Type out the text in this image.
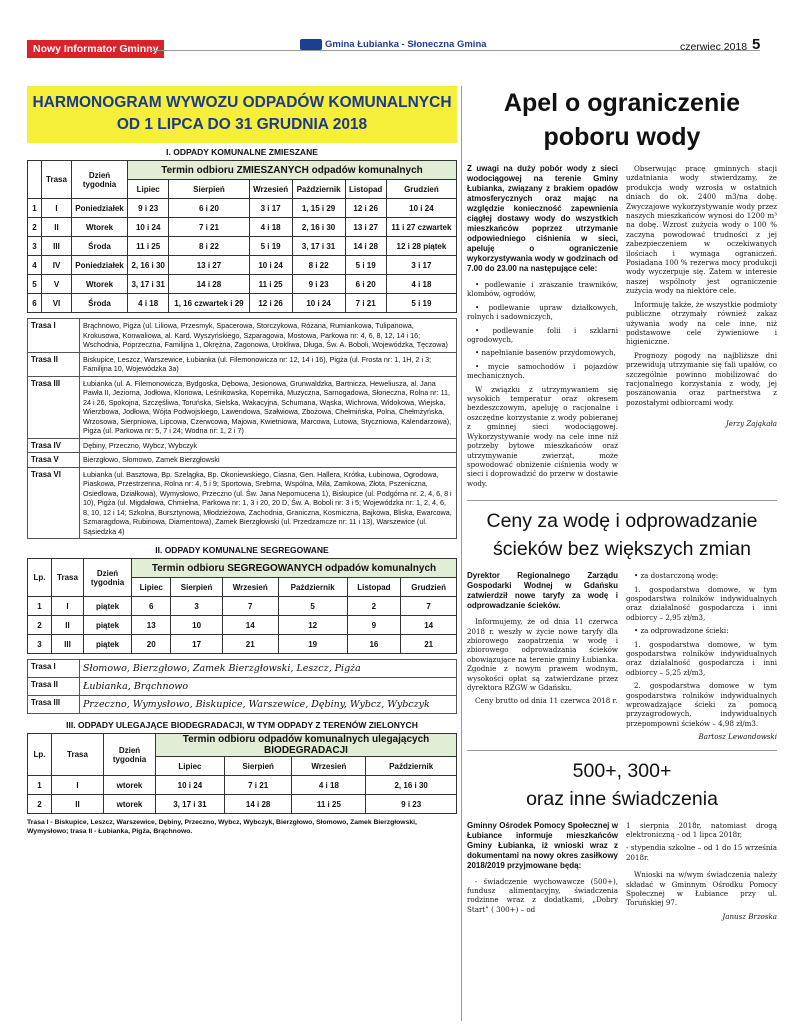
Nowy Informator Gminny	Gmina Łubianka - Słoneczna Gmina	czerwiec 2018 5
HARMONOGRAM WYWOZU ODPADÓW KOMUNALNYCH
OD 1 LIPCA DO 31 GRUDNIA 2018
I. ODPADY KOMUNALNE ZMIESZANE
	Trasa	Dzień tygodnia	Termin odbioru ZMIESZANYCH odpadów komunalnych					
			Lipiec	Sierpień	Wrzesień	Październik	Listopad	Grudzień
1	I	Poniedziałek	9 i 23	6 i 20	3 i 17	1, 15 i 29	12 i 26	10 i 24
2	II	Wtorek	10 i 24	7 i 21	4 i 18	2, 16 i 30	13 i 27	11 i 27 czwartek
3	III	Środa	11 i 25	8 i 22	5 i 19	3, 17 i 31	14 i 28	12 i 28 piątek
4	IV	Poniedziałek	2, 16 i 30	13 i 27	10 i 24	8 i 22	5 i 19	3 i 17
5	V	Wtorek	3, 17 i 31	14 i 28	11 i 25	9 i 23	6 i 20	4 i 18
6	VI	Środa	4 i 18	1, 16 czwartek i 29	12 i 26	10 i 24	7 i 21	5 i 19
Trasa I	Brąchnowo, Pigża (ul. Liliowa, Przesmyk, Spacerowa, Storczykowa, Różana, Rumiankowa, Tulipanowa, Krokusowa, Konwaliowa, al. Kard. Wyszyńskiego, Szparagowa, Mostowa, Parkowa nr: 4, 6, 8, 12, 14 i 16; Wschodnia, Poprzeczna, Familijna 1, Okrężna, Zagonowa, Urokliwa, Długa, Św. A. Boboli, Wojewódzka, Tęczowa)
Trasa II	Biskupice, Leszcz, Warszewice, Łubianka (ul. Filemonowicza nr: 12, 14 i 16), Pigża (ul. Frosta nr: 1, 1H, 2 i 3; Familijna 10, Wojewódzka 3a)
Trasa III	Łubianka (ul. A. Filemonowicza, Bydgoska, Dębowa, Jesionowa, Grunwaldzka, Bartnicza, Heweliusza, al. Jana Pawła II, Jeziorna, Jodłowa, Klonowa, Leśnikowska, Kopernika, Muzyczna, Sarnogadowa, Słoneczna, Rolna nr: 11, 24 i 26, Spokojna, Szczęśliwa, Toruńska, Sielska, Wakacyjna, Schumana, Wąska, Wichrowa, Widokowa, Wiejska, Wierzbowa, Jodłowa, Wójta Podwojskiego, Lawendowa, Szałwiowa, Zbożowa, Chełmińska, Polna, Chełmżyńska, Wrzosowa, Sierpniowa, Lipcowa, Czerwcowa, Majowa, Kwietniowa, Marcowa, Lutowa, Styczniowa, Kalendarzowa), Pigża (ul. Parkowa nr: 5, 7 i 24; Wodna nr: 1, 2 i 7)
Trasa IV	Dębiny, Przeczno, Wybcz, Wybczyk
Trasa V	Bierzgłowo, Słomowo, Zamek Bierzgłowski
Trasa VI	Łubianka (ul. Basztowa, Bp. Szelągka, Bp. Okoniewskiego, Ciasna, Gen. Hallera, Krótka, Łubinowa, Ogrodowa, Piaskowa, Przestrzenna, Rolna nr: 4, 5 i 9; Sportowa, Srebrna, Wspólna, Mila, Zamkowa, Złota, Pszeniczna, Osiedlowa, Działkowa), Wymysłowo, Przeczno (ul. Św. Jana Nepomucena 1), Biskupice (ul. Podgórna nr. 2, 4, 6, 8 i 10), Pigża (ul. Migdałowa, Chmielna, Parkowa nr: 1, 3 i 20, 20 D, Św. A. Boboli nr: 3 i 5; Wojewódzka nr: 1, 2, 4, 6, 8, 10, 12 i 14; Szkolna, Bursztynowa, Młodzieżowa, Zachodnia, Graniczna, Kosmiczna, Bajkowa, Bliska, Ewarcowa, Szmaragdowa, Rubinowa, Diamentowa), Zamek Bierzgłowski (ul. Przedzamcze nr: 11 i 13), Warszewice (ul. Sąsiedzka 4)
II. ODPADY KOMUNALNE SEGREGOWANE
Lp.	Trasa	Dzień tygodnia	Termin odbioru SEGREGOWANYCH odpadów komunalnych					
			Lipiec	Sierpień	Wrzesień	Październik	Listopad	Grudzień
1	I	piątek	6	3	7	5	2	7
2	II	piątek	13	10	14	12	9	14
3	III	piątek	20	17	21	19	16	21
Trasa I	Słomowo, Bierzgłowo, Zamek Bierzgłowski, Leszcz, Pigża
Trasa II	Łubianka, Brąchnowo
Trasa III	Przeczno, Wymysłowo, Biskupice, Warszewice, Dębiny, Wybcz, Wybczyk
III. ODPADY ULEGAJĄCE BIODEGRADACJI, W TYM ODPADY Z TERENÓW ZIELONYCH
Lp.	Trasa	Dzień tygodnia	Termin odbioru odpadów komunalnych ulegających BIODEGRADACJI			
			Lipiec	Sierpień	Wrzesień	Październik
1	I	wtorek	10 i 24	7 i 21	4 i 18	2, 16 i 30
2	II	wtorek	3, 17 i 31	14 i 28	11 i 25	9 i 23
Trasa I - Biskupice, Leszcz, Warszewice, Dębiny, Przeczno, Wybcz, Wybczyk, Bierzgłowo, Słomowo, Zamek Bierzgłowski, Wymysłowo; trasa II - Łubianka, Pigża, Brąchnowo.
Apel o ograniczenie
poboru wody
Z uwagi na duży pobór wody z sieci wodociągowej na terenie Gminy Łubianka, związany z brakiem opadów atmosferycznych oraz mając na względzie konieczność zapewnienia ciągłej dostawy wody do wszystkich mieszkańców poprzez utrzymanie odpowiedniego ciśnienia w sieci, apeluję o ograniczenie wykorzystywania wody w godzinach od 7.00 do 23.00 na następujące cele:

• podlewanie i zraszanie trawników, klombów, ogrodów,

• podlewanie upraw działkowych, rolnych i sadowniczych,

• podlewanie folii i szklarni ogrodowych,

• napełnianie basenów przydomowych,

• mycie samochodów i pojazdów mechanicznych.

W związku z utrzymywaniem się wysokich temperatur oraz okresem bezdeszczowym, apeluję o racjonalne i oszczędne korzystanie z wody pobieranej z gminnej sieci wodociągowej. Wykorzystywanie wody na cele inne niż potrzeby bytowe mieszkańców oraz utrzymywanie zwierząt, może spowodować obniżenie ciśnienia wody w sieci i doprowadzić do przerw w dostawie wody.

Obserwując pracę gminnych stacji uzdatniania wody stwierdzamy, że produkcja wody wzrosła w ostatnich dniach do ok. 2400 m3/na dobę. Zwyczajowe wykorzystywanie wody przez naszych mieszkańców wynosi do 1200 m³ na dobę. Wzrost zużycia wody o 100 % zaczyna powodować trudności z jej zabezpieczeniem w oczekiwanych ilościach i wymaga ograniczeń. Posiadana 100 % rezerwa mocy produkcji wody wyczerpuje się. Zatem w interesie naszej wspólnoty jest ograniczenie zużycia wody na niektóre cele.

Informuję także, że wszystkie podmioty publiczne otrzymały również zakaz używania wody na cele inne, niż podstawowe cele żywieniowe i higieniczne.

Prognozy pogody na najbliższe dni przewidują utrzymanie się fali upałów, co szczególnie powinno mobilizować do racjonalnego korzystania z wody, jej poszanowania oraz partnerstwa z pozostałymi odbiorcami wody.

Jerzy Zająkała
Ceny za wodę i odprowadzanie
ścieków bez większych zmian
Dyrektor Regionalnego Zarządu Gospodarki Wodnej w Gdańsku zatwierdził nowe taryfy za wodę i odprowadzanie ścieków.

Informujemy, że od dnia 11 czerwca 2018 r. weszły w życie nowe taryfy dla zbiorowego zaopatrzenia w wodę i zbiorowego odprowadzania ścieków obowiązujące na terenie gminy Łubianka. Zgodnie z nowym prawem wodnym, wysokości opłat są zatwierdzane przez dyrektora RZGW w Gdańsku.

Ceny brutto od dnia 11 czerwca 2018 r.

• za dostarczoną wodę:

1. gospodarstwa domowe, w tym gospodarstwa rolników indywidualnych oraz działalność gospodarcza i inni odbiorcy – 2,95 zł/m3,

• za odprowadzone ścieki:

1. gospodarstwa domowe, w tym gospodarstwa rolników indywidualnych oraz działalność gospodarcza i inni odbiorcy – 5,25 zł/m3,

2. gospodarstwa domowe w tym gospodarstwa rolników indywidualnych wprowadzające ścieki za pomocą przyzagrodowych, indywidualnych przepompowni ścieków – 4,98 zł/m3.

Bartosz Lewandowski
500+, 300+
oraz inne świadczenia
Gminny Ośrodek Pomocy Społecznej w Łubiance informuje mieszkańców Gminy Łubianka, iż wnioski wraz z dokumentami na nowy okres zasiłkowy 2018/2019 przyjmowane będą:

- świadczenie wychowawcze (500+), fundusz alimentacyjny, świadczenia rodzinne wraz z dodatkami, „Dobry Start” ( 300+) – od

1 sierpnia 2018r, natomiast drogą elektroniczną - od 1 lipca 2018r,

- stypendia szkolne – od 1 do 15 września 2018r.

Wnioski na w/wym świadczenia należy składać w Gminnym Ośrodku Pomocy Społecznej w Łubiance przy ul. Toruńskiej 97.

Janusz Brzoska
